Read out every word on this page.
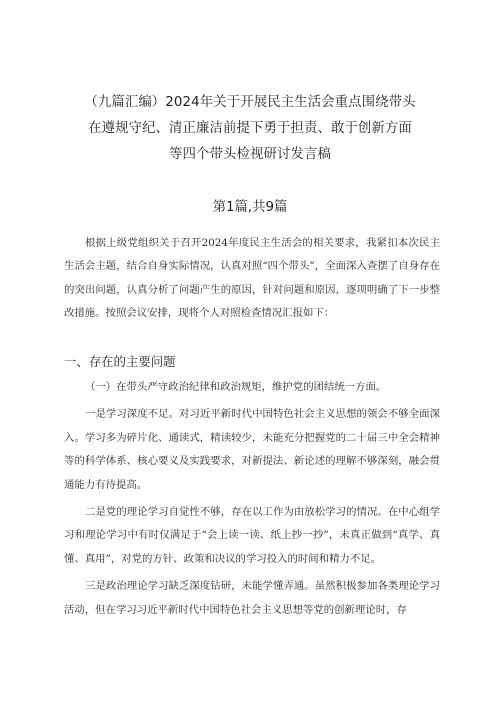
（九篇汇编）2024年关于开展民主生活会重点围绕带头
在遵规守纪、清正廉洁前提下勇于担责、敢于创新方面
等四个带头检视研讨发言稿
第1篇,共9篇

根据上级党组织关于召开2024年度民主生活会的相关要求，我紧扣本次民主生活会主题，结合自身实际情况，认真对照“四个带头”，全面深入查摆了自身存在的突出问题，认真分析了问题产生的原因，针对问题和原因，逐项明确了下一步整改措施。按照会议安排，现将个人对照检查情况汇报如下：

一、存在的主要问题

（一）在带头严守政治纪律和政治规矩，维护党的团结统一方面。

一是学习深度不足。对习近平新时代中国特色社会主义思想的领会不够全面深入。学习多为碎片化、通读式，精读较少，未能充分把握党的二十届三中全会精神等的科学体系、核心要义及实践要求，对新提法、新论述的理解不够深刻，融会贯通能力有待提高。

二是党的理论学习自觉性不够，存在以工作为由放松学习的情况。在中心组学习和理论学习中有时仅满足于“会上读一读、纸上抄一抄”，未真正做到“真学、真懂、真用”，对党的方针、政策和决议的学习投入的时间和精力不足。

三是政治理论学习缺乏深度钻研，未能学懂弄通。虽然积极参加各类理论学习活动，但在学习习近平新时代中国特色社会主义思想等党的创新理论时，存
